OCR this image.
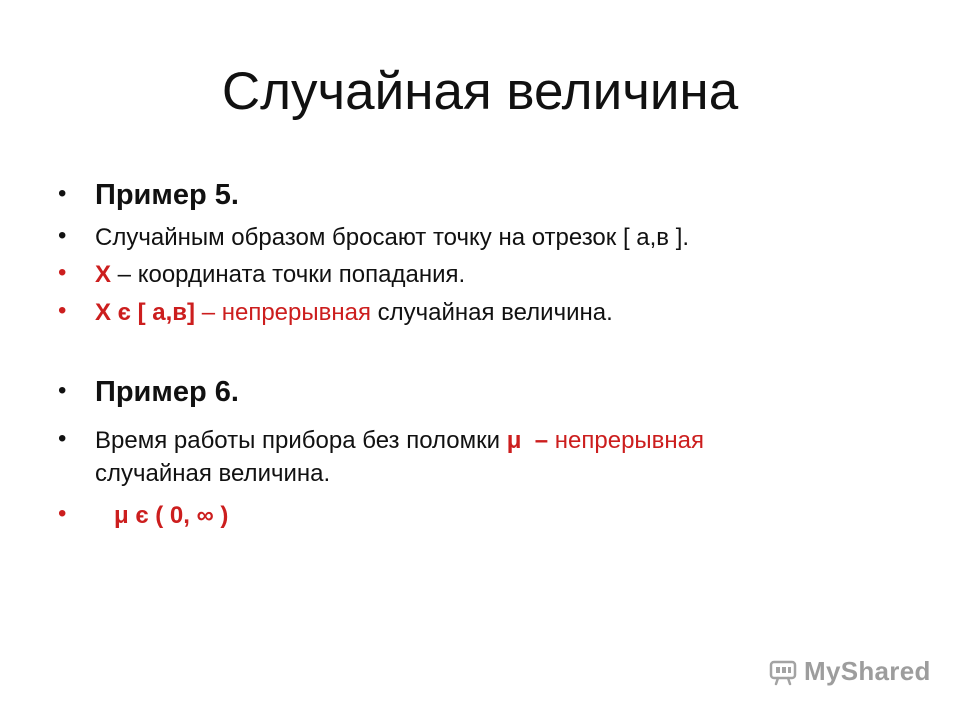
Случайная величина
• Пример 5.
•	Случайным образом бросают точку на отрезок [ а,в ].
•	Х – координата точки попадания.
•	Х є [ а,в] – непрерывная случайная величина.
• Пример 6.
•	Время работы прибора без поломки μ  – непрерывная
случайная величина.
•	μ є ( 0, ∞ )
MyShared
